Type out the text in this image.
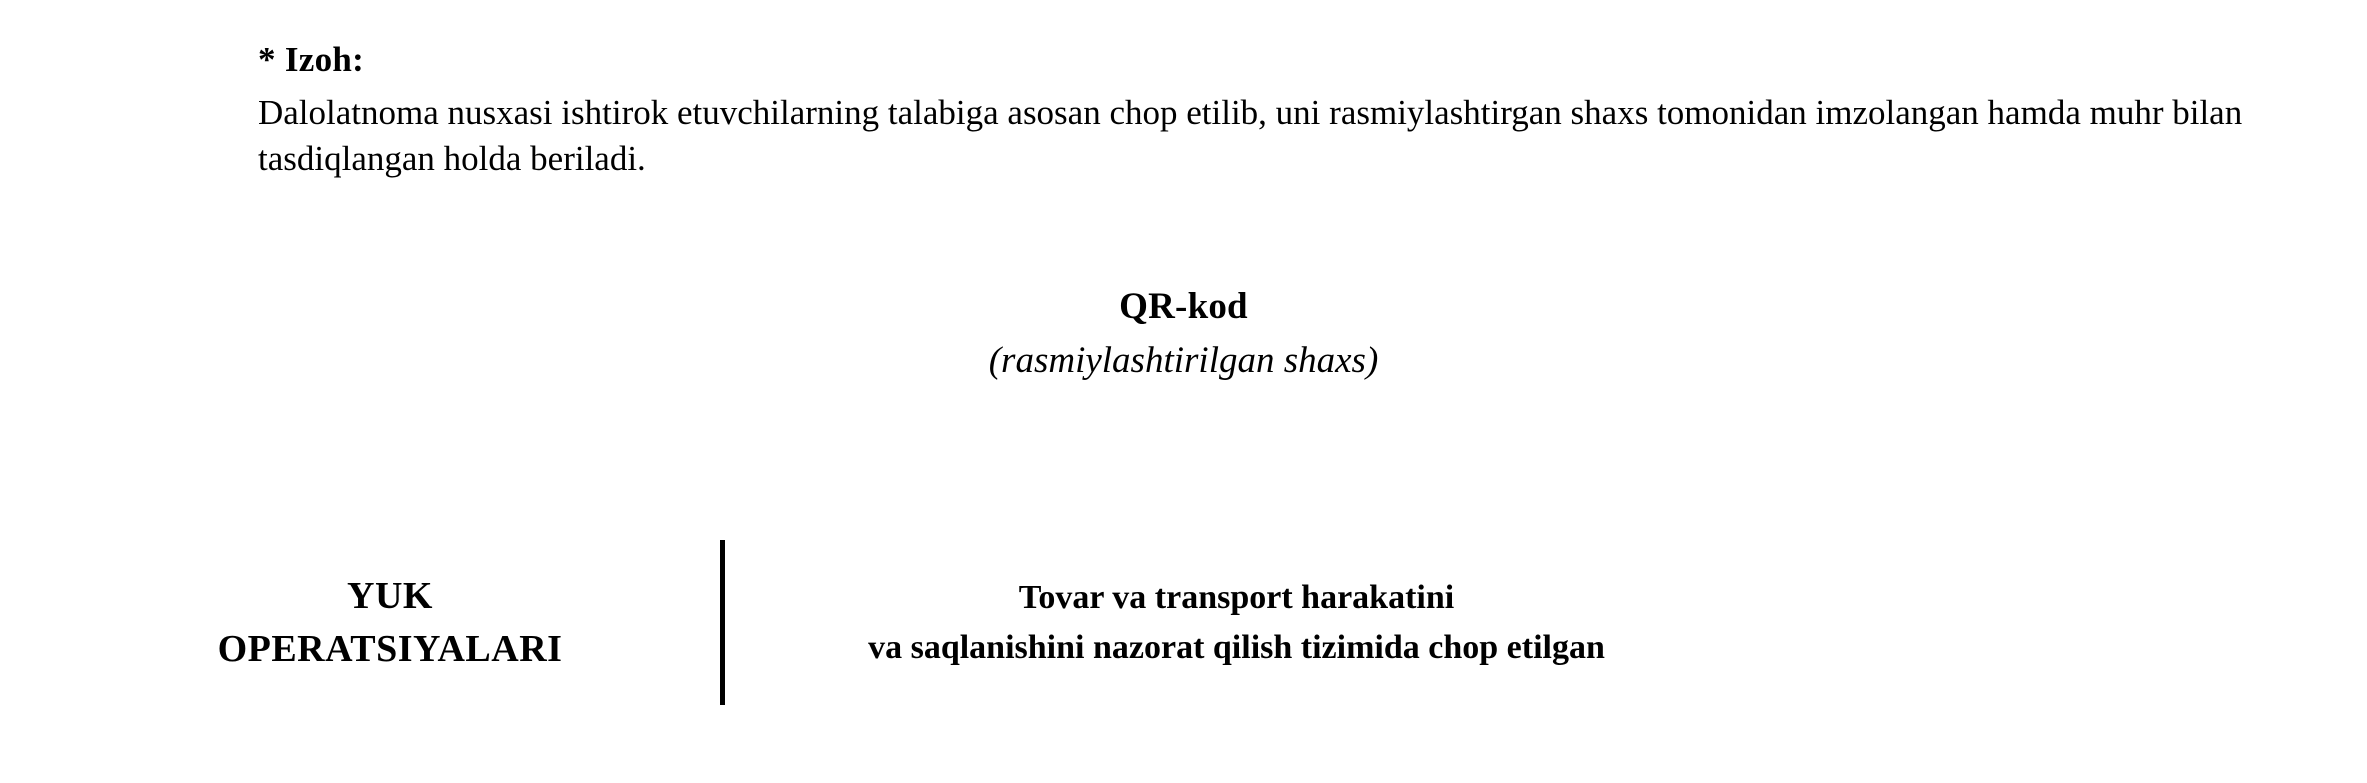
* Izoh:
Dalolatnoma nusxasi ishtirok etuvchilarning talabiga asosan chop etilib, uni rasmiylashtirgan shaxs tomonidan imzolangan hamda muhr bilan tasdiqlangan holda beriladi.
QR-kod
(rasmiylashtirilgan shaxs)
YUK
OPERATSIYALARI
Tovar va transport harakatini
va saqlanishini nazorat qilish tizimida chop etilgan
